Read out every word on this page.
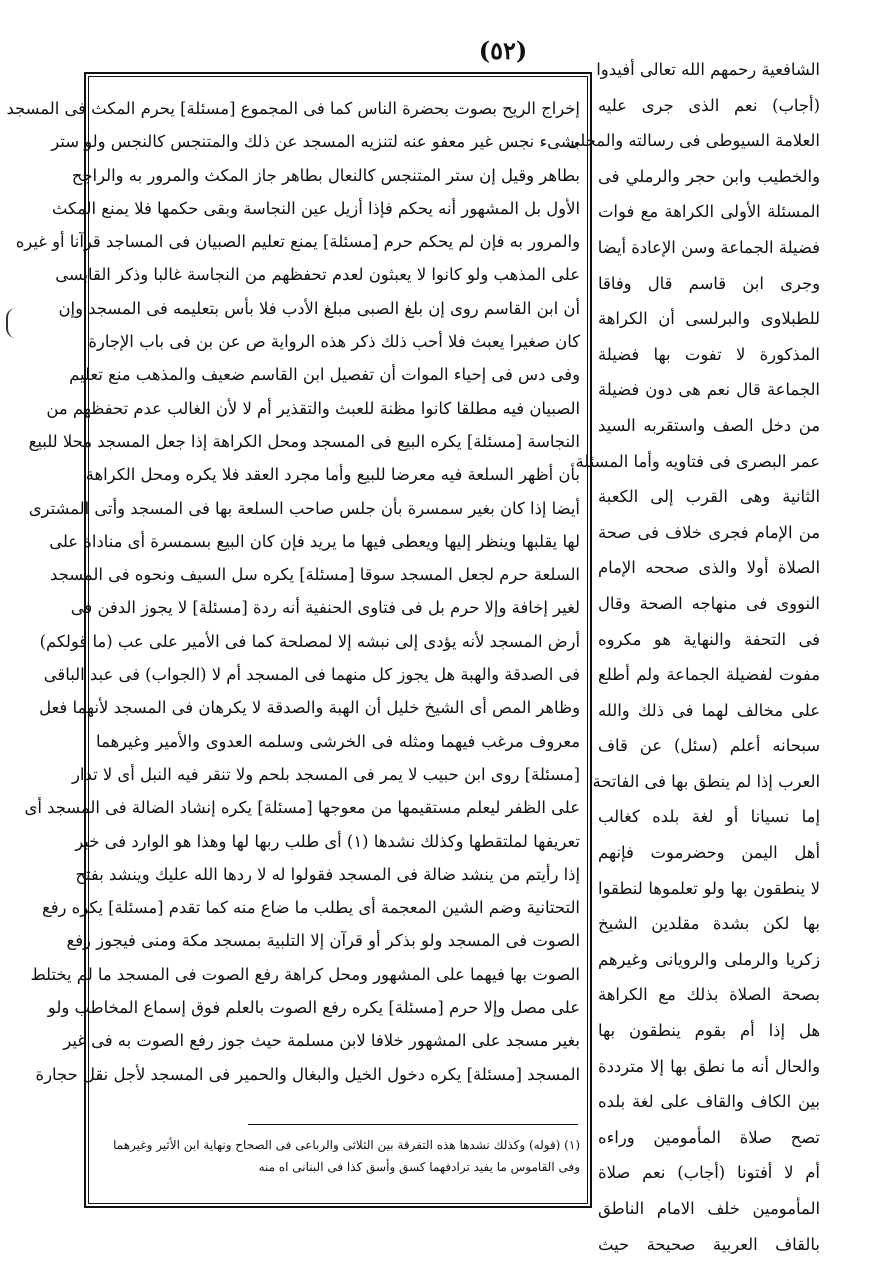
(٥٢)
الشافعية رحمهم الله تعالى أفيدوا
(أجاب) نعم الذى جرى عليه
العلامة السيوطى فى رسالته والمحلى
والخطيب وابن حجر والرملي فى
المسئلة الأولى الكراهة مع فوات
فضيلة الجماعة وسن الإعادة أيضا
وجرى ابن قاسم قال وفاقا
للطبلاوى والبرلسى أن الكراهة
المذكورة لا تفوت بها فضيلة
الجماعة قال نعم هى دون فضيلة
من دخل الصف واستقربه السيد
عمر البصرى فى فتاويه وأما المسئلة
الثانية وهى القرب إلى الكعبة
من الإمام فجرى خلاف فى صحة
الصلاة أولا والذى صححه الإمام
النووى فى منهاجه الصحة وقال
فى التحفة والنهاية هو مكروه
مفوت لفضيلة الجماعة ولم أطلع
على مخالف لهما فى ذلك والله
سبحانه أعلم (سئل) عن قاف
العرب إذا لم ينطق بها فى الفاتحة
إما نسيانا أو لغة بلده كغالب
أهل اليمن وحضرموت فإنهم
لا ينطقون بها ولو تعلموها لنطقوا
بها لكن بشدة مقلدين الشيخ
زكريا والرملى والرويانى وغيرهم
بصحة الصلاة بذلك مع الكراهة
هل إذا أم بقوم ينطقون بها
والحال أنه ما نطق بها إلا مترددة
بين الكاف والقاف على لغة بلده
تصح صلاة المأمومين وراءه
أم لا أفتونا (أجاب) نعم صلاة
المأمومين خلف الامام الناطق
بالقاف العربية صحيحة حيث
إخراج الريح بصوت بحضرة الناس كما فى المجموع [مسئلة] يحرم المكث فى المسجد
بشىء نجس غير معفو عنه لتنزيه المسجد عن ذلك والمتنجس كالنجس ولو ستر
بطاهر وقيل إن ستر المتنجس كالنعال بطاهر جاز المكث والمرور به والراجح
الأول بل المشهور أنه يحكم فإذا أزيل عين النجاسة وبقى حكمها فلا يمنع المكث
والمرور به فإن لم يحكم حرم [مسئلة] يمنع تعليم الصبيان فى المساجد قرآنا أو غيره
على المذهب ولو كانوا لا يعبثون لعدم تحفظهم من النجاسة غالبا وذكر القابسى
أن ابن القاسم روى إن بلغ الصبى مبلغ الأدب فلا بأس بتعليمه فى المسجد وإن
كان صغيرا يعبث فلا أحب ذلك ذكر هذه الرواية ص عن بن فى باب الإجارة
وفى دس فى إحياء الموات أن تفصيل ابن القاسم ضعيف والمذهب منع تعليم
الصبيان فيه مطلقا كانوا مظنة للعبث والتقذير أم لا لأن الغالب عدم تحفظهم من
النجاسة [مسئلة] يكره البيع فى المسجد ومحل الكراهة إذا جعل المسجد محلا للبيع
بأن أظهر السلعة فيه معرضا للبيع وأما مجرد العقد فلا يكره ومحل الكراهة
أيضا إذا كان بغير سمسرة بأن جلس صاحب السلعة بها فى المسجد وأتى المشترى
لها يقلبها وينظر إليها ويعطى فيها ما يريد فإن كان البيع بسمسرة أى مناداة على
السلعة حرم لجعل المسجد سوقا [مسئلة] يكره سل السيف ونحوه فى المسجد
لغير إخافة وإلا حرم بل فى فتاوى الحنفية أنه ردة [مسئلة] لا يجوز الدفن فى
أرض المسجد لأنه يؤدى إلى نبشه إلا لمصلحة كما فى الأمير على عب (ما قولكم)
فى الصدقة والهبة هل يجوز كل منهما فى المسجد أم لا (الجواب) فى عبد الباقى
وظاهر المص أى الشيخ خليل أن الهبة والصدقة لا يكرهان فى المسجد لأنهما فعل
معروف مرغب فيهما ومثله فى الخرشى وسلمه العدوى والأمير وغيرهما
[مسئلة] روى ابن حبيب لا يمر فى المسجد بلحم ولا تنقر فيه النبل أى لا تدار
على الظفر ليعلم مستقيمها من معوجها [مسئلة] يكره إنشاد الضالة فى المسجد أى
تعريفها لملتقطها وكذلك نشدها (١) أى طلب ربها لها وهذا هو الوارد فى خبر
إذا رأيتم من ينشد ضالة فى المسجد فقولوا له لا ردها الله عليك وينشد بفتح
التحتانية وضم الشين المعجمة أى يطلب ما ضاع منه كما تقدم [مسئلة] يكره رفع
الصوت فى المسجد ولو بذكر أو قرآن إلا التلبية بمسجد مكة ومنى فيجوز رفع
الصوت بها فيهما على المشهور ومحل كراهة رفع الصوت فى المسجد ما لم يختلط
على مصل وإلا حرم [مسئلة] يكره رفع الصوت بالعلم فوق إسماع المخاطب ولو
بغير مسجد على المشهور خلافا لابن مسلمة حيث جوز رفع الصوت به فى غير
المسجد [مسئلة] يكره دخول الخيل والبغال والحمير فى المسجد لأجل نقل حجارة
(١) (قوله) وكذلك نشدها هذه التفرقة بين الثلاثى والرباعى فى الصحاح ونهاية ابن الأثير وغيرهما
وفى القاموس ما يفيد ترادفهما كسق وأسق كذا فى البنانى اه منه
